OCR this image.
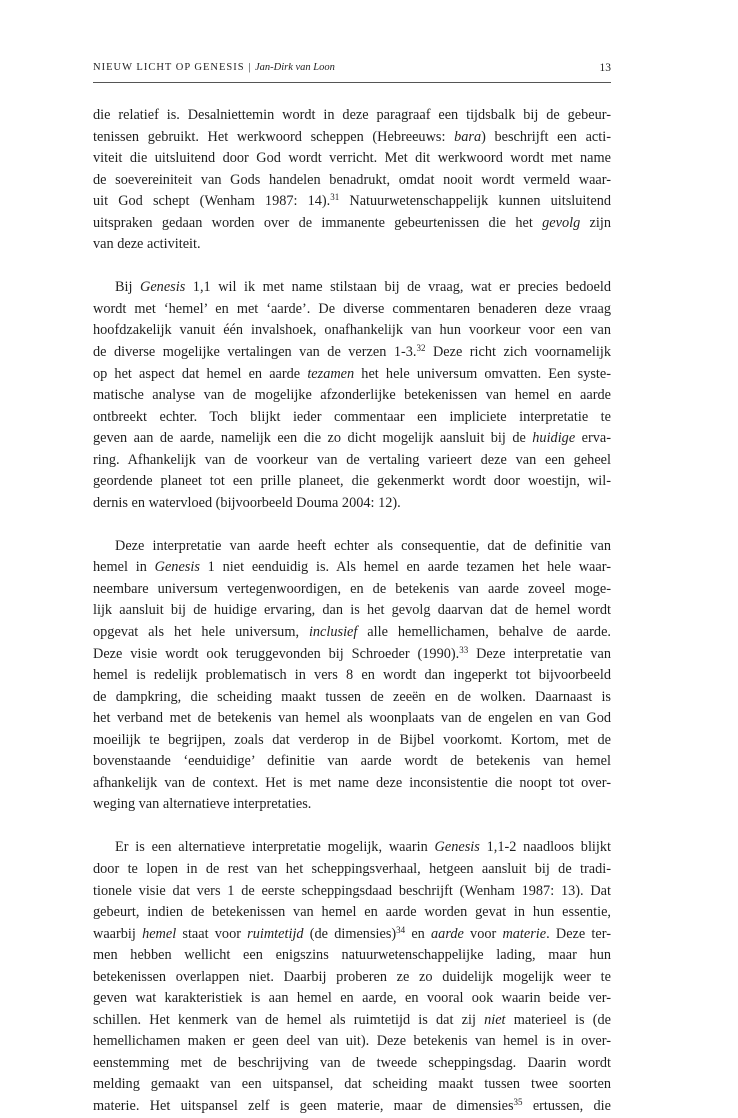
NIEUW LICHT OP GENESIS | Jan-Dirk van Loon	13
die relatief is. Desalniettemin wordt in deze paragraaf een tijdsbalk bij de gebeur-
tenissen gebruikt. Het werkwoord scheppen (Hebreeuws: bara) beschrijft een acti-
viteit die uitsluitend door God wordt verricht. Met dit werkwoord wordt met name
de soevereiniteit van Gods handelen benadrukt, omdat nooit wordt vermeld waar-
uit God schept (Wenham 1987: 14).$^{31}$ Natuurwetenschappelijk kunnen uitsluitend
uitspraken gedaan worden over de immanente gebeurtenissen die het gevolg zijn
van deze activiteit.
Bij Genesis 1,1 wil ik met name stilstaan bij de vraag, wat er precies bedoeld
wordt met ‘hemel’ en met ‘aarde’. De diverse commentaren benaderen deze vraag
hoofdzakelijk vanuit één invalshoek, onafhankelijk van hun voorkeur voor een van
de diverse mogelijke vertalingen van de verzen 1-3.32 Deze richt zich voornamelijk
op het aspect dat hemel en aarde tezamen het hele universum omvatten. Een syste-
matische analyse van de mogelijke afzonderlijke betekenissen van hemel en aarde
ontbreekt echter. Toch blijkt ieder commentaar een impliciete interpretatie te
geven aan de aarde, namelijk een die zo dicht mogelijk aansluit bij de huidige erva-
ring. Afhankelijk van de voorkeur van de vertaling varieert deze van een geheel
geordende planeet tot een prille planeet, die gekenmerkt wordt door woestijn, wil-
dernis en watervloed (bijvoorbeeld Douma 2004: 12).
Deze interpretatie van aarde heeft echter als consequentie, dat de definitie van
hemel in Genesis 1 niet eenduidig is. Als hemel en aarde tezamen het hele waar-
neembare universum vertegenwoordigen, en de betekenis van aarde zoveel moge-
lijk aansluit bij de huidige ervaring, dan is het gevolg daarvan dat de hemel wordt
opgevat als het hele universum, inclusief alle hemellichamen, behalve de aarde.
Deze visie wordt ook teruggevonden bij Schroeder (1990).$^{33}$ Deze interpretatie van
hemel is redelijk problematisch in vers 8 en wordt dan ingeperkt tot bijvoorbeeld
de dampkring, die scheiding maakt tussen de zeeën en de wolken. Daarnaast is
het verband met de betekenis van hemel als woonplaats van de engelen en van God
moeilijk te begrijpen, zoals dat verderop in de Bijbel voorkomt. Kortom, met de
bovenstaande ‘eenduidige’ definitie van aarde wordt de betekenis van hemel
afhankelijk van de context. Het is met name deze inconsistentie die noopt tot over-
weging van alternatieve interpretaties.
Er is een alternatieve interpretatie mogelijk, waarin Genesis 1,1-2 naadloos blijkt
door te lopen in de rest van het scheppingsverhaal, hetgeen aansluit bij de tradi-
tionele visie dat vers 1 de eerste scheppingsdaad beschrijft (Wenham 1987: 13). Dat
gebeurt, indien de betekenissen van hemel en aarde worden gevat in hun essentie,
waarbij hemel staat voor ruimtetijd (de dimensies)$^{34}$ en aarde voor materie. Deze ter-
men hebben wellicht een enigszins natuurwetenschappelijke lading, maar hun
betekenissen overlappen niet. Daarbij proberen ze zo duidelijk mogelijk weer te
geven wat karakteristiek is aan hemel en aarde, en vooral ook waarin beide ver-
schillen. Het kenmerk van de hemel als ruimtetijd is dat zij niet materieel is (de
hemellichamen maken er geen deel van uit). Deze betekenis van hemel is in over-
eenstemming met de beschrijving van de tweede scheppingsdag. Daarin wordt
melding gemaakt van een uitspansel, dat scheiding maakt tussen twee soorten
materie. Het uitspansel zelf is geen materie, maar de dimensies$^{35}$ ertussen, die
